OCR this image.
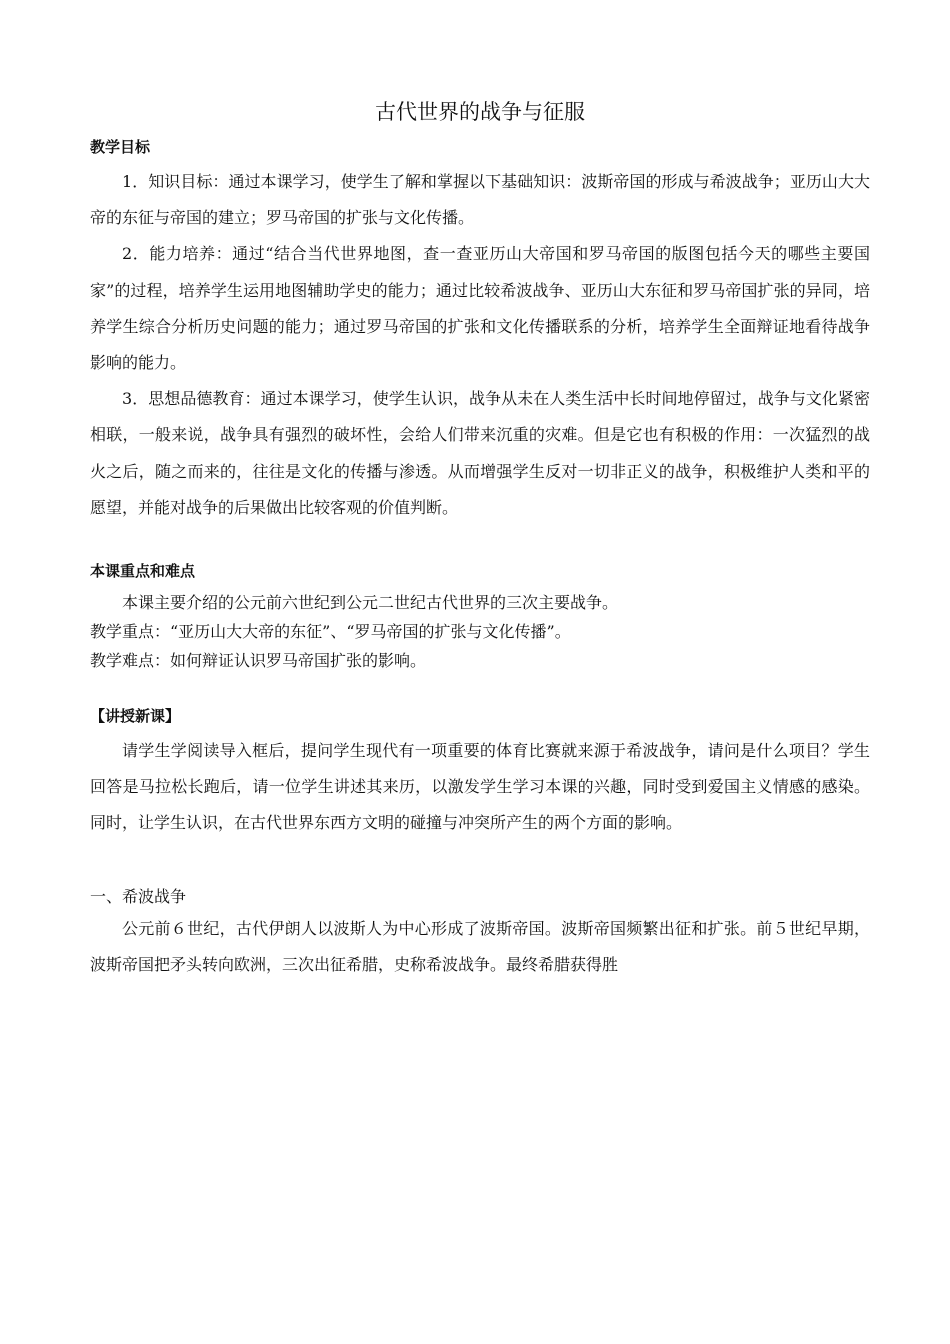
古代世界的战争与征服
教学目标

1．知识目标：通过本课学习，使学生了解和掌握以下基础知识：波斯帝国的形成与希波战争；亚历山大大帝的东征与帝国的建立；罗马帝国的扩张与文化传播。

2．能力培养：通过“结合当代世界地图，查一查亚历山大帝国和罗马帝国的版图包括今天的哪些主要国家”的过程，培养学生运用地图辅助学史的能力；通过比较希波战争、亚历山大东征和罗马帝国扩张的异同，培养学生综合分析历史问题的能力；通过罗马帝国的扩张和文化传播联系的分析，培养学生全面辩证地看待战争影响的能力。

3．思想品德教育：通过本课学习，使学生认识，战争从未在人类生活中长时间地停留过，战争与文化紧密相联，一般来说，战争具有强烈的破坏性，会给人们带来沉重的灾难。但是它也有积极的作用：一次猛烈的战火之后，随之而来的，往往是文化的传播与渗透。从而增强学生反对一切非正义的战争，积极维护人类和平的愿望，并能对战争的后果做出比较客观的价值判断。

本课重点和难点

本课主要介绍的公元前六世纪到公元二世纪古代世界的三次主要战争。

教学重点：“亚历山大大帝的东征”、“罗马帝国的扩张与文化传播”。

教学难点：如何辩证认识罗马帝国扩张的影响。

【讲授新课】

请学生学阅读导入框后，提问学生现代有一项重要的体育比赛就来源于希波战争，请问是什么项目？学生回答是马拉松长跑后，请一位学生讲述其来历，以激发学生学习本课的兴趣，同时受到爱国主义情感的感染。同时，让学生认识，在古代世界东西方文明的碰撞与冲突所产生的两个方面的影响。

一、希波战争

公元前６世纪，古代伊朗人以波斯人为中心形成了波斯帝国。波斯帝国频繁出征和扩张。前５世纪早期，波斯帝国把矛头转向欧洲，三次出征希腊，史称希波战争。最终希腊获得胜
